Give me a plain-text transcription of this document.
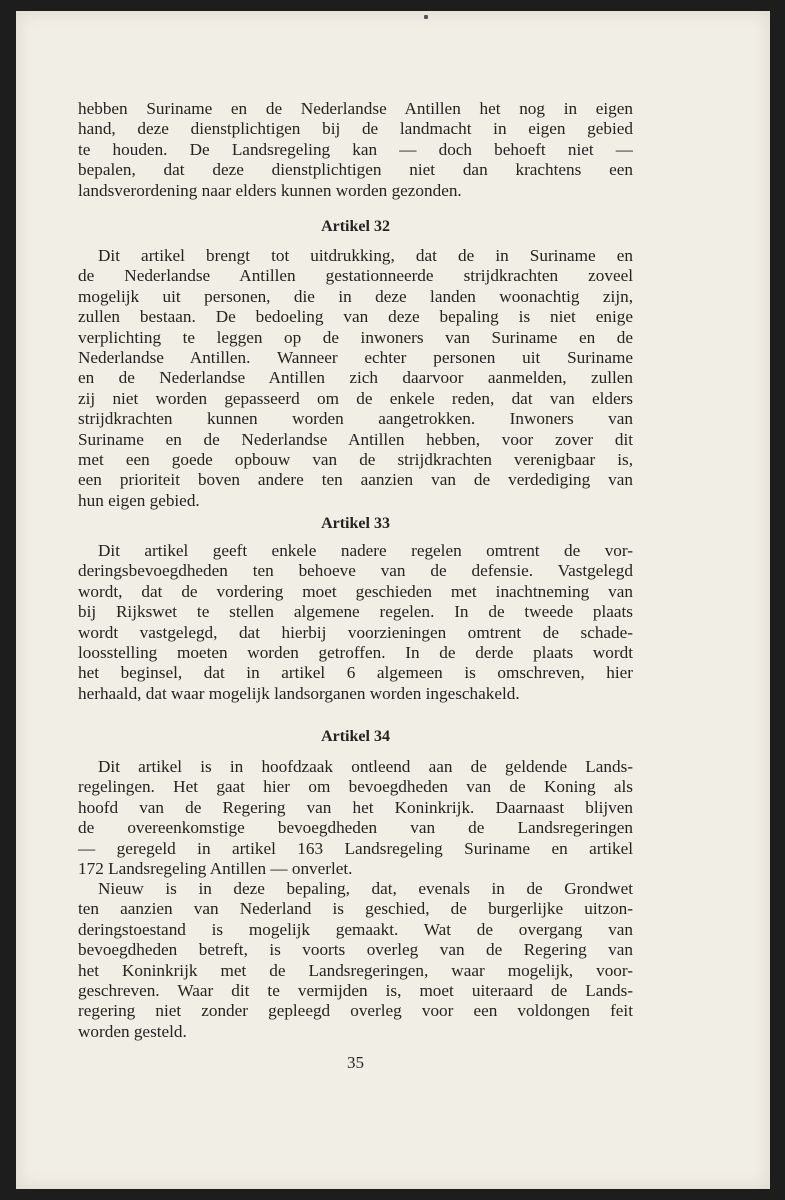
hebben Suriname en de Nederlandse Antillen het nog in eigen
hand, deze dienstplichtigen bij de landmacht in eigen gebied
te houden. De Landsregeling kan — doch behoeft niet —
bepalen, dat deze dienstplichtigen niet dan krachtens een
landsverordening naar elders kunnen worden gezonden.
Artikel 32
Dit artikel brengt tot uitdrukking, dat de in Suriname en
de Nederlandse Antillen gestationneerde strijdkrachten zoveel
mogelijk uit personen, die in deze landen woonachtig zijn,
zullen bestaan. De bedoeling van deze bepaling is niet enige
verplichting te leggen op de inwoners van Suriname en de
Nederlandse Antillen. Wanneer echter personen uit Suriname
en de Nederlandse Antillen zich daarvoor aanmelden, zullen
zij niet worden gepasseerd om de enkele reden, dat van elders
strijdkrachten kunnen worden aangetrokken. Inwoners van
Suriname en de Nederlandse Antillen hebben, voor zover dit
met een goede opbouw van de strijdkrachten verenigbaar is,
een prioriteit boven andere ten aanzien van de verdediging van
hun eigen gebied.
Artikel 33
Dit artikel geeft enkele nadere regelen omtrent de vor-
deringsbevoegdheden ten behoeve van de defensie. Vastgelegd
wordt, dat de vordering moet geschieden met inachtneming van
bij Rijkswet te stellen algemene regelen. In de tweede plaats
wordt vastgelegd, dat hierbij voorzieningen omtrent de schade-
loosstelling moeten worden getroffen. In de derde plaats wordt
het beginsel, dat in artikel 6 algemeen is omschreven, hier
herhaald, dat waar mogelijk landsorganen worden ingeschakeld.
Artikel 34
Dit artikel is in hoofdzaak ontleend aan de geldende Lands-
regelingen. Het gaat hier om bevoegdheden van de Koning als
hoofd van de Regering van het Koninkrijk. Daarnaast blijven
de overeenkomstige bevoegdheden van de Landsregeringen
— geregeld in artikel 163 Landsregeling Suriname en artikel
172 Landsregeling Antillen — onverlet.
Nieuw is in deze bepaling, dat, evenals in de Grondwet
ten aanzien van Nederland is geschied, de burgerlijke uitzon-
deringstoestand is mogelijk gemaakt. Wat de overgang van
bevoegdheden betreft, is voorts overleg van de Regering van
het Koninkrijk met de Landsregeringen, waar mogelijk, voor-
geschreven. Waar dit te vermijden is, moet uiteraard de Lands-
regering niet zonder gepleegd overleg voor een voldongen feit
worden gesteld.
35
